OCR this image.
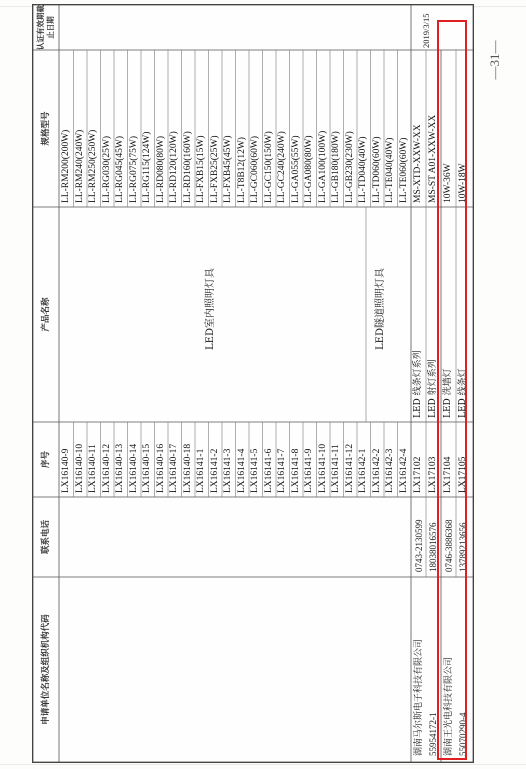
申请单位名称及组织机构代码
联系电话
序号
产品名称
规格型号
认证有效期截止日期
LX16140-9
LL-RM200(200W)
LX16140-10
LL-RM240(240W)
LX16140-11
LL-RM250(250W)
LX16140-12
LL-RG030(25W)
LX16140-13
LL-RG045(45W)
LX16140-14
LL-RG075(75W)
LX16140-15
LL-RG115(124W)
LX16140-16
LL-RD080(80W)
LX16140-17
LL-RD120(120W)
LX16140-18
LL-RD160(160W)
LX16141-1
LL-FXB15(15W)
LX16141-2
LL-FXB25(25W)
LX16141-3
LL-FXB45(45W)
LX16141-4
LL-T8B12(12W)
LX16141-5
LL-GC060(60W)
LX16141-6
LL-GC150(150W)
LX16141-7
LL-GC240(240W)
LX16141-8
LL-GA055(55W)
LX16141-9
LL-GA080(80W)
LX16141-10
LL-GA100(100W)
LX16141-11
LL-GB180(180W)
LX16141-12
LL-GB230(230W)
LX16142-1
LL-TD040(40W)
LX16142-2
LL-TD060(60W)
LX16142-3
LL-TE040(40W)
LX16142-4
LL-TE060(60W)
LED室内照明灯具	LED隧道照明灯具
湖南马尔斯电子科技有限公司 55954172-1
0743-2130599 18038016576
2019/3/15
湖南王光电科技有限公司 55070290-4
0746-3886368 13789213656
LX17102
LED 线条灯系列
MS-XTD-XXW-XX
LX17103
LED 射灯系列
MS-ST A01-XXW-XX
LX17104
LED 洗墙灯
10W-36W
LX17105
LED 线条灯
10W-18W
—31—
